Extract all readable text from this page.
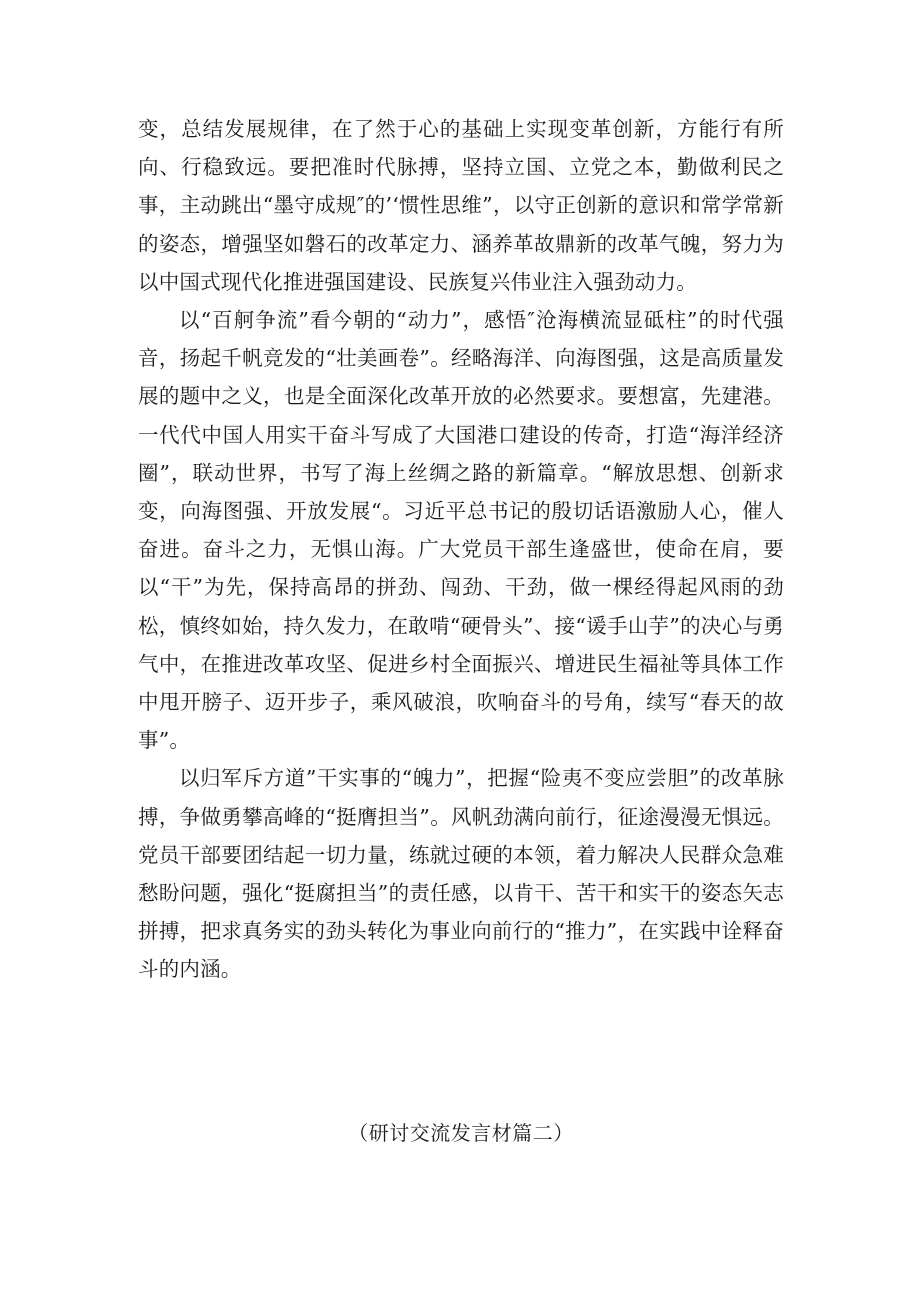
变，总结发展规律，在了然于心的基础上实现变革创新，方能行有所向、行稳致远。要把准时代脉搏，坚持立国、立党之本，勤做利民之事，主动跳出“墨守成规″的’‘惯性思维”，以守正创新的意识和常学常新的姿态，增强坚如磐石的改革定力、涵养革故鼎新的改革气魄，努力为以中国式现代化推进强国建设、民族复兴伟业注入强劲动力。

以“百舸争流”看今朝的“动力”，感悟″沧海横流显砥柱”的时代强音，扬起千帆竞发的“壮美画卷”。经略海洋、向海图强，这是高质量发展的题中之义，也是全面深化改革开放的必然要求。要想富，先建港。一代代中国人用实干奋斗写成了大国港口建设的传奇，打造“海洋经济圈”，联动世界，书写了海上丝绸之路的新篇章。“解放思想、创新求变，向海图强、开放发展“。习近平总书记的殷切话语激励人心，催人奋进。奋斗之力，无惧山海。广大党员干部生逢盛世，使命在肩，要以“干”为先，保持高昂的拼劲、闯劲、干劲，做一棵经得起风雨的劲松，慎终如始，持久发力，在敢啃“硬骨头”、接“谖手山芋”的决心与勇气中，在推进改革攻坚、促进乡村全面振兴、增进民生福祉等具体工作中甩开膀子、迈开步子，乘风破浪，吹响奋斗的号角，续写“春天的故事”。

以归军斥方道”干实事的“魄力”，把握“险夷不变应尝胆”的改革脉搏，争做勇攀高峰的“挺膺担当”。风帆劲满向前行，征途漫漫无惧远。党员干部要团结起一切力量，练就过硬的本领，着力解决人民群众急难愁盼问题，强化“挺腐担当”的责任感，以肯干、苦干和实干的姿态矢志拼搏，把求真务实的劲头转化为事业向前行的“推力”，在实践中诠释奋斗的内涵。

（研讨交流发言材篇二）
